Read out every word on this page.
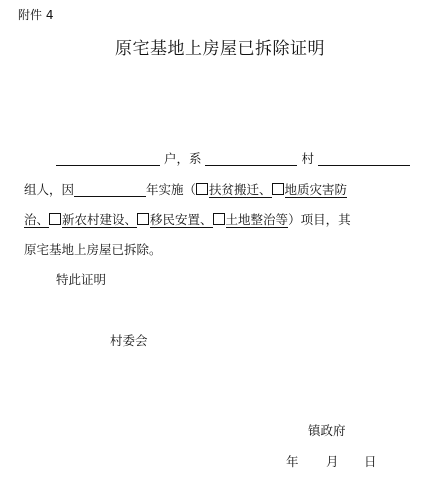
附件 4
原宅基地上房屋已拆除证明
户，系	村
组人，因	年实施（ 扶贫搬迁、 地质灾害防
治、 新农村建设、 移民安置、 土地整治等）项目，其
原宅基地上房屋已拆除。
特此证明
村委会
镇政府
年 月 日
